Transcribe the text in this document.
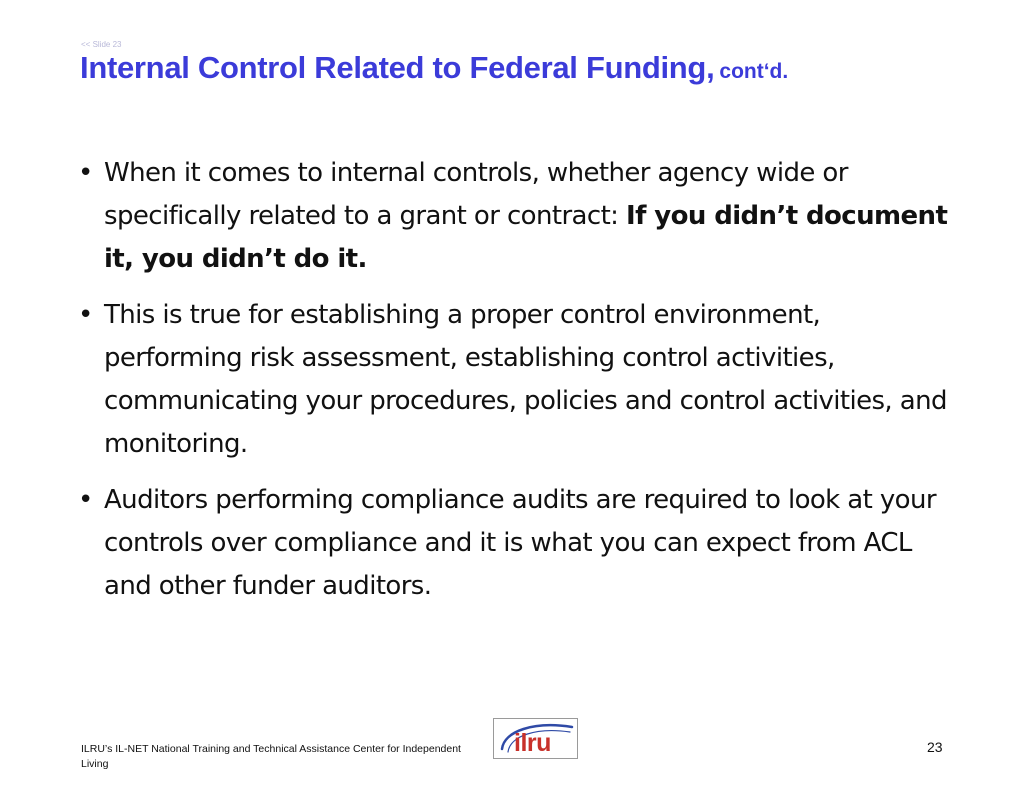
<< Slide 23
Internal Control Related to Federal Funding, cont‘d.
• When it comes to internal controls, whether agency wide or specifically related to a grant or contract: If you didn’t document it, you didn’t do it.
• This is true for establishing a proper control environment, performing risk assessment, establishing control activities, communicating your procedures, policies and control activities, and monitoring.
• Auditors performing compliance audits are required to look at your controls over compliance and it is what you can expect from ACL and other funder auditors.
ILRU’s IL-NET National Training and Technical Assistance Center for Independent Living
ilru	23
